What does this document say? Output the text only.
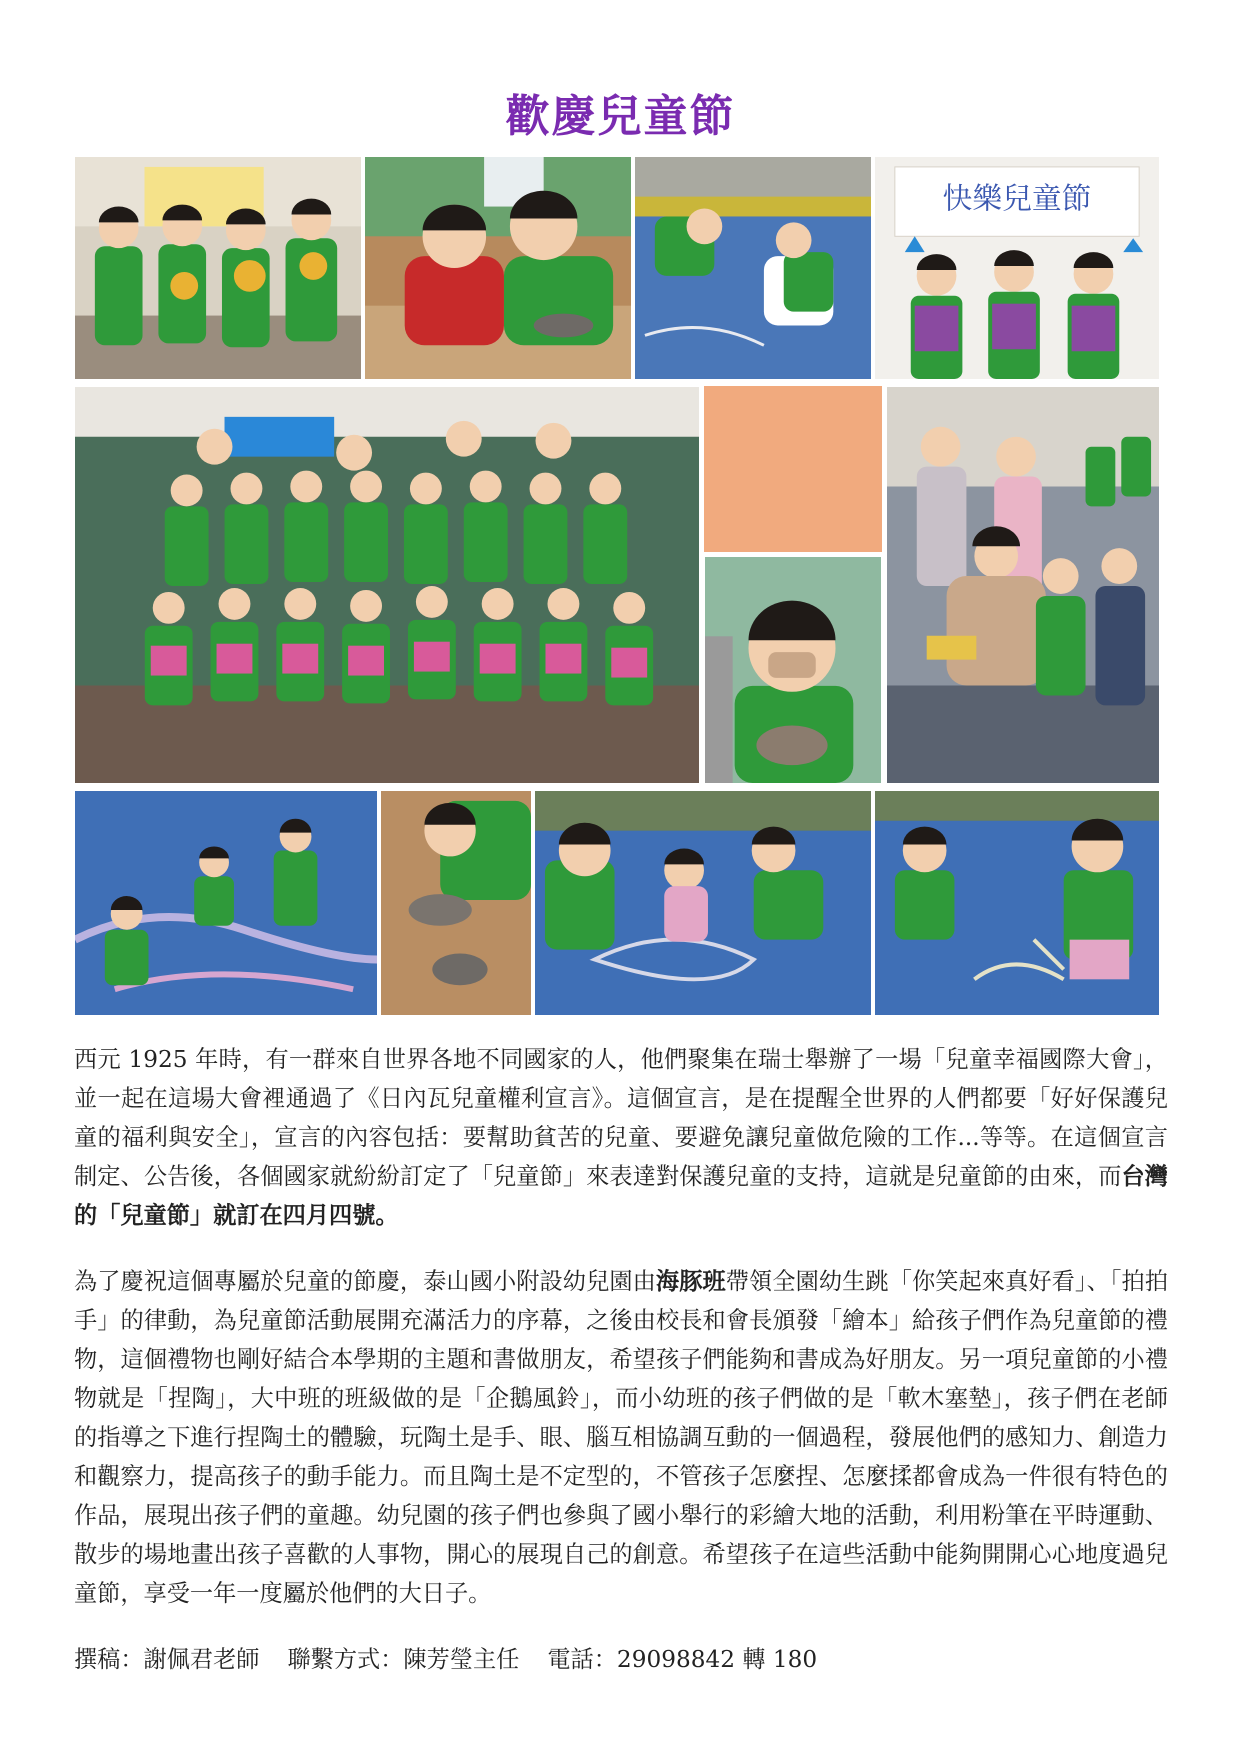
歡慶兒童節
快樂兒童節

西元 1925 年時，有一群來自世界各地不同國家的人，他們聚集在瑞士舉辦了一場「兒童幸福國際大會」，並一起在這場大會裡通過了《日內瓦兒童權利宣言》。這個宣言，是在提醒全世界的人們都要「好好保護兒童的福利與安全」，宣言的內容包括：要幫助貧苦的兒童、要避免讓兒童做危險的工作...等等。在這個宣言制定、公告後，各個國家就紛紛訂定了「兒童節」來表達對保護兒童的支持，這就是兒童節的由來，而台灣的「兒童節」就訂在四月四號。

為了慶祝這個專屬於兒童的節慶，泰山國小附設幼兒園由海豚班帶領全園幼生跳「你笑起來真好看」、「拍拍手」的律動，為兒童節活動展開充滿活力的序幕，之後由校長和會長頒發「繪本」給孩子們作為兒童節的禮物，這個禮物也剛好結合本學期的主題和書做朋友，希望孩子們能夠和書成為好朋友。另一項兒童節的小禮物就是「捏陶」，大中班的班級做的是「企鵝風鈴」，而小幼班的孩子們做的是「軟木塞墊」，孩子們在老師的指導之下進行捏陶土的體驗，玩陶土是手、眼、腦互相協調互動的一個過程，發展他們的感知力、創造力和觀察力，提高孩子的動手能力。而且陶土是不定型的，不管孩子怎麼捏、怎麼揉都會成為一件很有特色的作品，展現出孩子們的童趣。幼兒園的孩子們也參與了國小舉行的彩繪大地的活動，利用粉筆在平時運動、散步的場地畫出孩子喜歡的人事物，開心的展現自己的創意。希望孩子在這些活動中能夠開開心心地度過兒童節，享受一年一度屬於他們的大日子。

撰稿：謝佩君老師 聯繫方式：陳芳瑩主任 電話：29098842 轉 180
